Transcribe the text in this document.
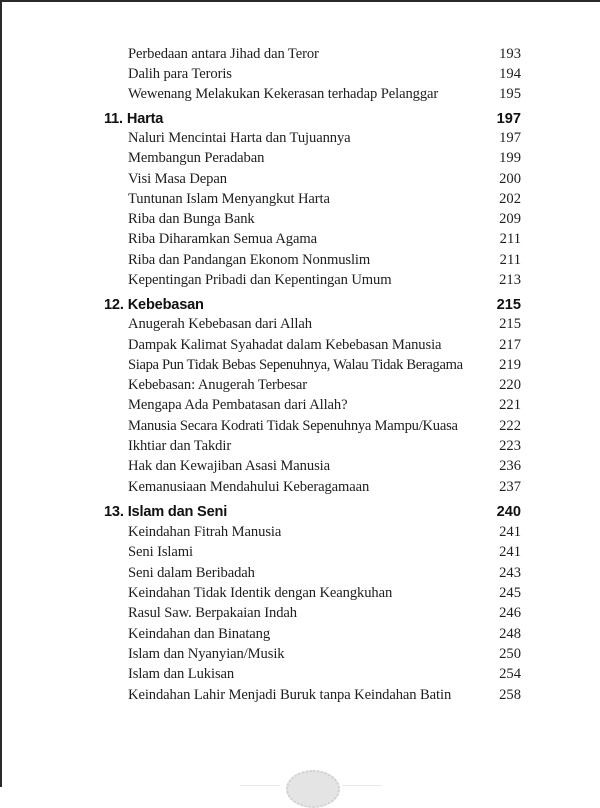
Perbedaan antara Jihad dan Teror	193
Dalih para Teroris	194
Wewenang Melakukan Kekerasan terhadap Pelanggar	195
11. Harta	197
Naluri Mencintai Harta dan Tujuannya	197
Membangun Peradaban	199
Visi Masa Depan	200
Tuntunan Islam Menyangkut Harta	202
Riba dan Bunga Bank	209
Riba Diharamkan Semua Agama	211
Riba dan Pandangan Ekonom Nonmuslim	211
Kepentingan Pribadi dan Kepentingan Umum	213
12. Kebebasan	215
Anugerah Kebebasan dari Allah	215
Dampak Kalimat Syahadat dalam Kebebasan Manusia	217
Siapa Pun Tidak Bebas Sepenuhnya, Walau Tidak Beragama 219
Kebebasan: Anugerah Terbesar	220
Mengapa Ada Pembatasan dari Allah?	221
Manusia Secara Kodrati Tidak Sepenuhnya Mampu/Kuasa	222
Ikhtiar dan Takdir	223
Hak dan Kewajiban Asasi Manusia	236
Kemanusiaan Mendahului Keberagamaan	237
13. Islam dan Seni	240
Keindahan Fitrah Manusia	241
Seni Islami	241
Seni dalam Beribadah	243
Keindahan Tidak Identik dengan Keangkuhan	245
Rasul Saw. Berpakaian Indah	246
Keindahan dan Binatang	248
Islam dan Nyanyian/Musik	250
Islam dan Lukisan	254
Keindahan Lahir Menjadi Buruk tanpa Keindahan Batin	258
